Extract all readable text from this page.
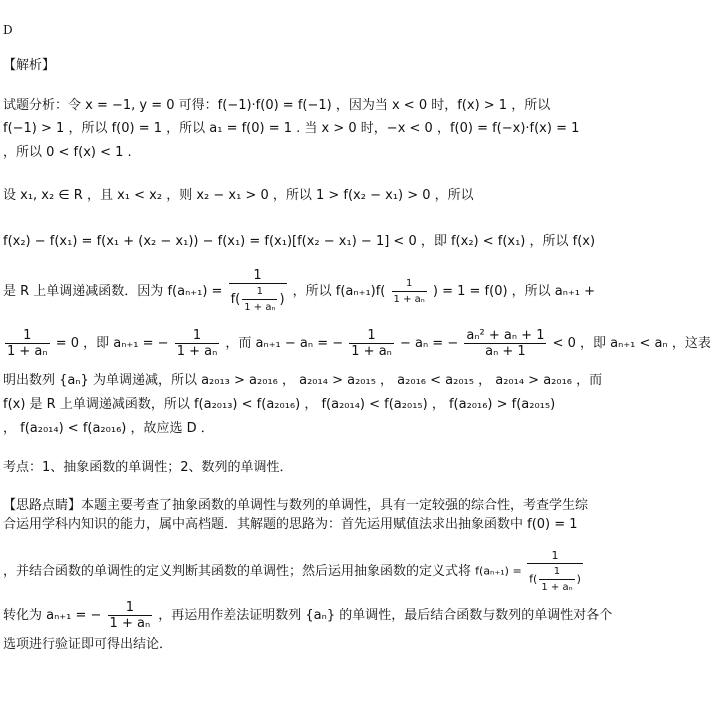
D
【解析】
试题分析：令 x = −1, y = 0 可得：f(−1)·f(0) = f(−1) ，因为当 x < 0 时，f(x) > 1 ，所以
f(−1) > 1 ，所以 f(0) = 1 ，所以 a₁ = f(0) = 1 . 当 x > 0 时，−x < 0 ，f(0) = f(−x)·f(x) = 1
，所以 0 < f(x) < 1 .
设 x₁, x₂ ∈ R ，且 x₁ < x₂ ，则 x₂ − x₁ > 0 ，所以 1 > f(x₂ − x₁) > 0 ，所以
f(x₂) − f(x₁) = f(x₁ + (x₂ − x₁)) − f(x₁) = f(x₁)[f(x₂ − x₁) − 1] < 0 ，即 f(x₂) < f(x₁) ，所以 f(x)
是 R 上单调递减函数．因为 $f(a_{n+1}) = \frac{1}{f( \frac{1}{\text{1 + aₙ}} )}$ ，所以 $f(a_{n+1})f( \frac{1}{\text{1 + aₙ}}$ ) = 1 = f(0) ，所以 aₙ₊₁ +
$\frac{1}{\text{1 + aₙ}} = 0$ ，即 aₙ₊₁ = − $\frac{1}{\text{1 + aₙ}}$ ，而 aₙ₊₁ − aₙ = − $\frac{1}{\text{1 + aₙ}} - a_n$ = − $\frac{\text{aₙ² + aₙ + 1}}{\text{aₙ + 1}} < 0$ ，即 aₙ₊₁ < aₙ ，这表
明出数列 {aₙ} 为单调递减，所以 a₂₀₁₃ > a₂₀₁₆ ， a₂₀₁₄ > a₂₀₁₅ ， a₂₀₁₆ < a₂₀₁₅ ， a₂₀₁₄ > a₂₀₁₆ ，而
f(x) 是 R 上单调递减函数，所以 f(a₂₀₁₃) < f(a₂₀₁₆) ， f(a₂₀₁₄) < f(a₂₀₁₅) ， f(a₂₀₁₆) > f(a₂₀₁₅)
， f(a₂₀₁₄) < f(a₂₀₁₆) ，故应选 D ．
考点：1、抽象函数的单调性；2、数列的单调性．
【思路点睛】本题主要考查了抽象函数的单调性与数列的单调性，具有一定较强的综合性，考查学生综
合运用学科内知识的能力，属中高档题．其解题的思路为：首先运用赋值法求出抽象函数中 f(0) = 1
，并结合函数的单调性的定义判断其函数的单调性；然后运用抽象函数的定义式将 $f(a_{n+1}) = \frac{1}{f( \frac{1}{\text{1 + aₙ}} )}$
转化为 aₙ₊₁ = − $\frac{1}{\text{1 + aₙ}}$ ，再运用作差法证明数列 {aₙ} 的单调性，最后结合函数与数列的单调性对各个
选项进行验证即可得出结论．
